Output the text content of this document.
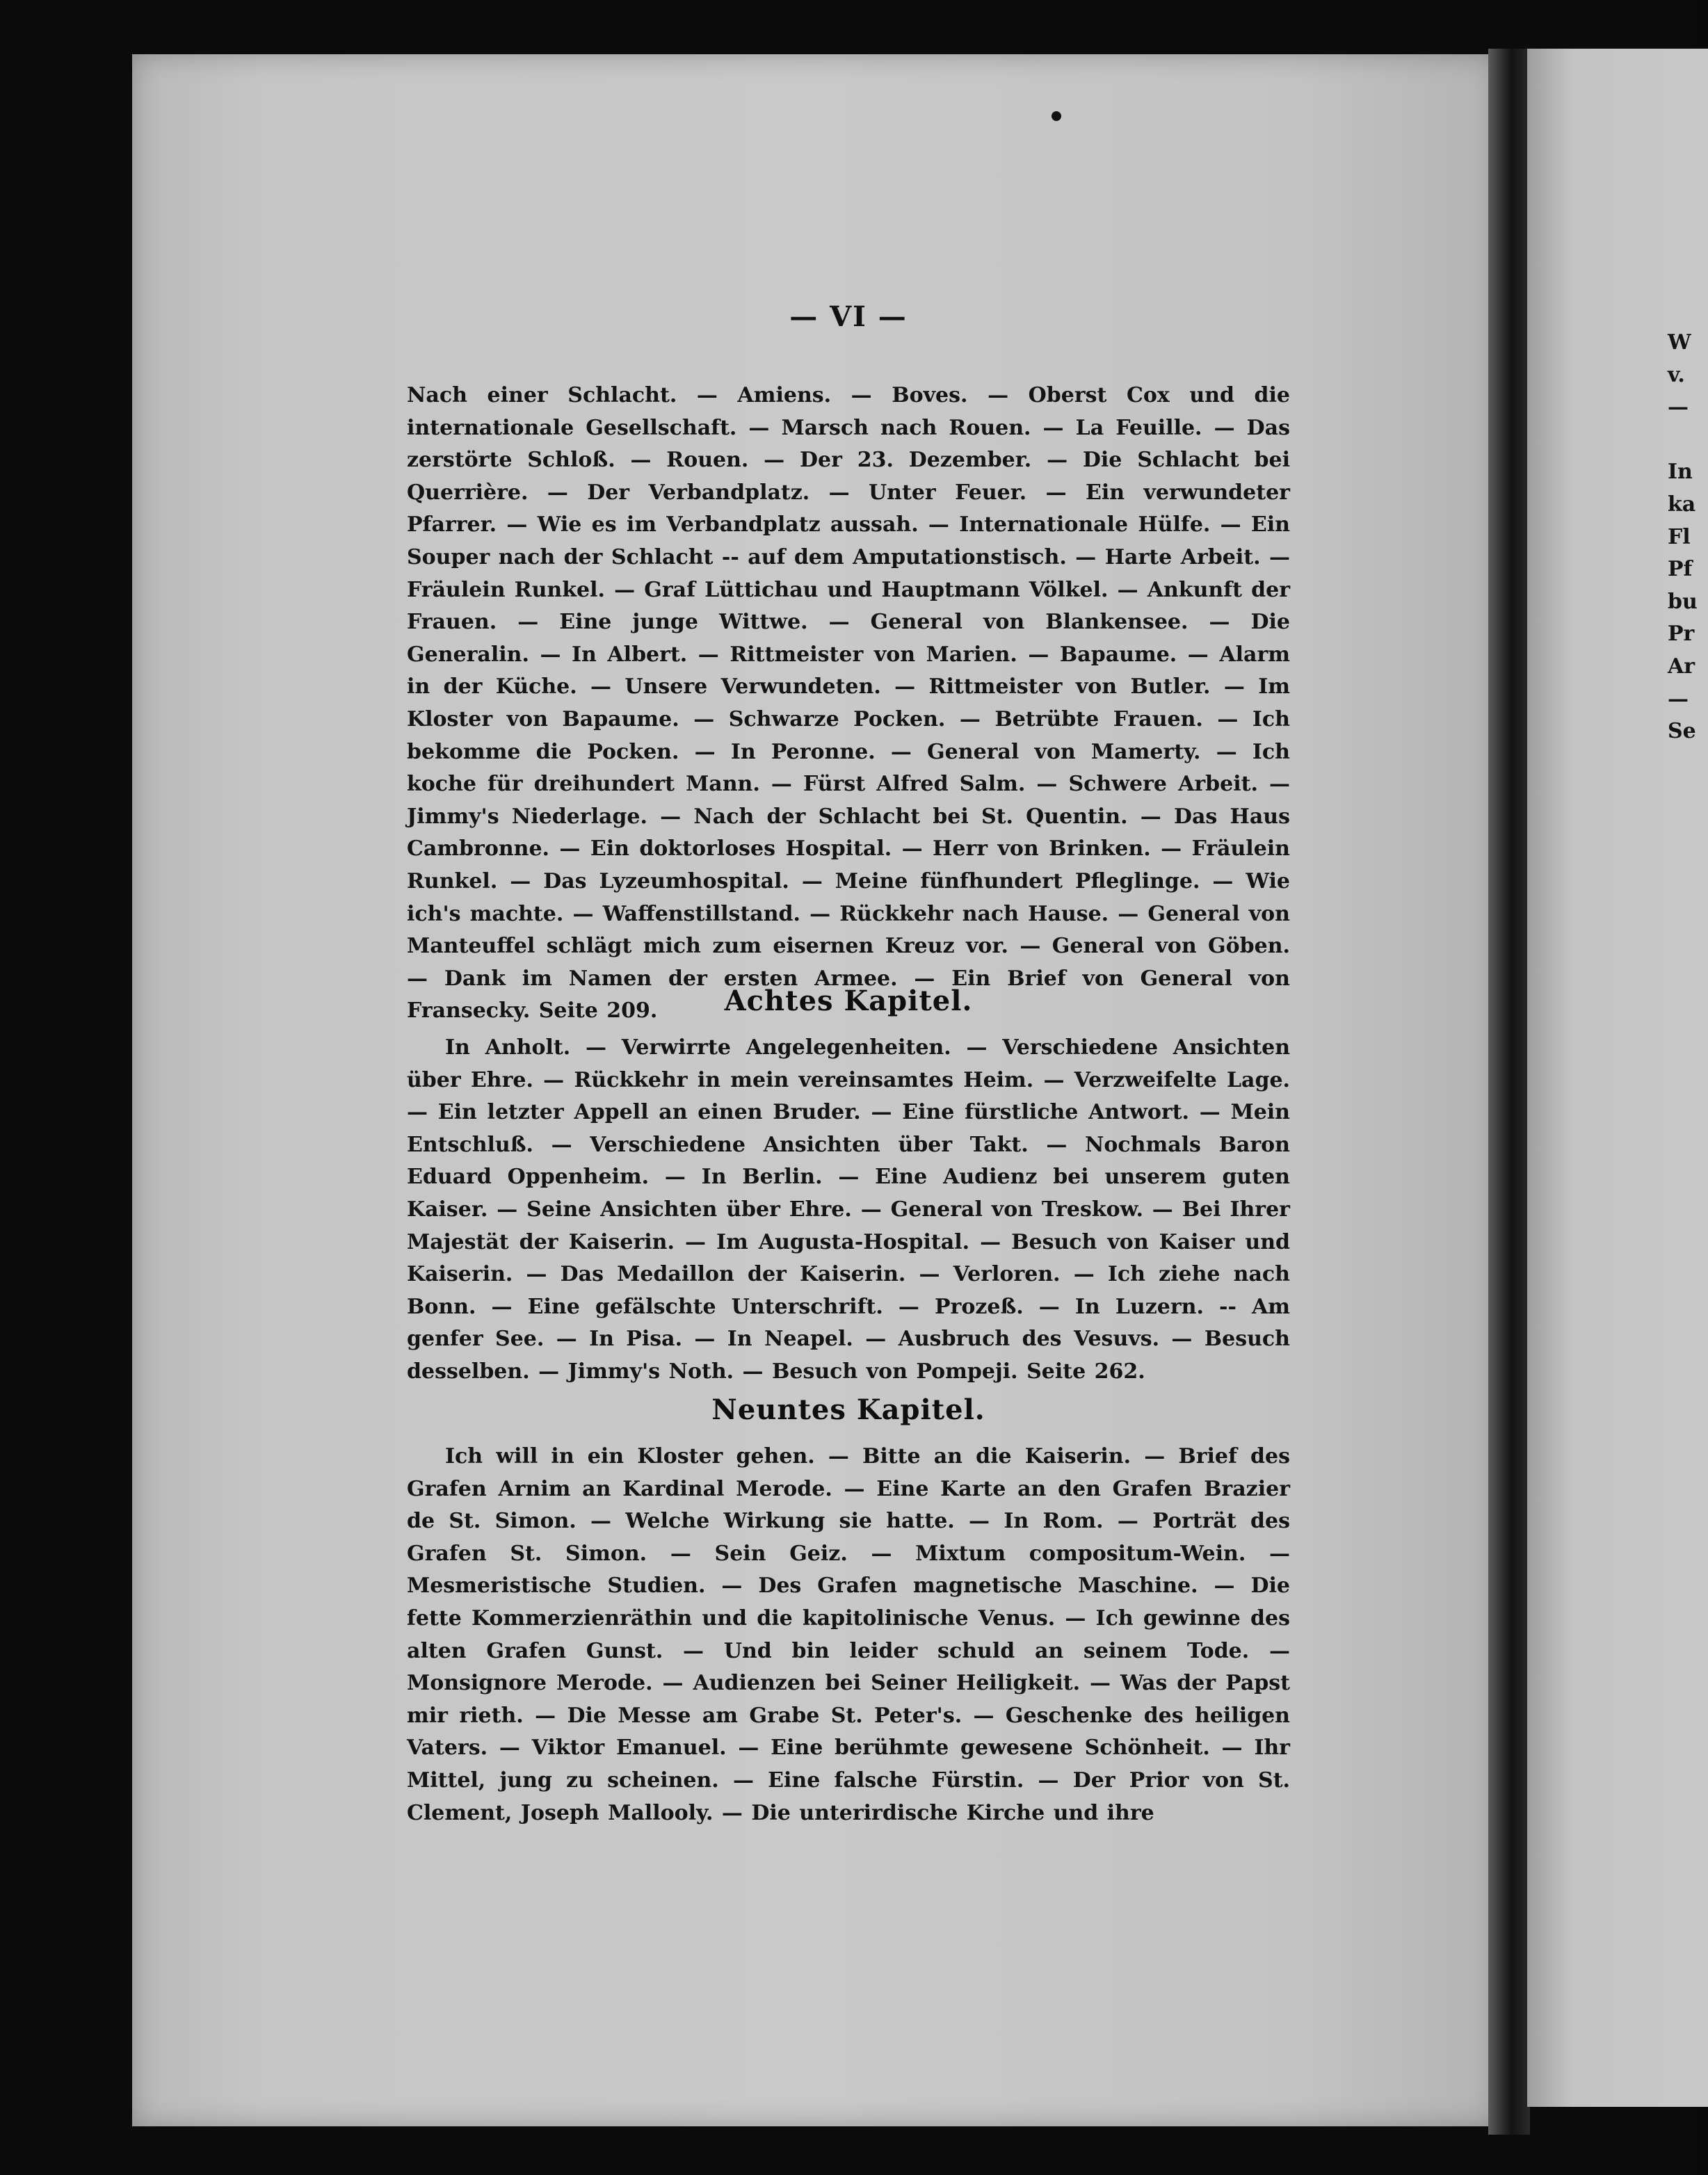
— VI —
Nach einer Schlacht. — Amiens. — Boves. — Oberst Cox und die internationale Gesellschaft. — Marsch nach Rouen. — La Feuille. — Das zerstörte Schloß. — Rouen. — Der 23. Dezember. — Die Schlacht bei Querrière. — Der Verbandplatz. — Unter Feuer. — Ein verwundeter Pfarrer. — Wie es im Verbandplatz aussah. — Internationale Hülfe. — Ein Souper nach der Schlacht -- auf dem Amputationstisch. — Harte Arbeit. — Fräulein Runkel. — Graf Lüttichau und Hauptmann Völkel. — Ankunft der Frauen. — Eine junge Wittwe. — General von Blankensee. — Die Generalin. — In Albert. — Rittmeister von Marien. — Bapaume. — Alarm in der Küche. — Unsere Verwundeten. — Rittmeister von Butler. — Im Kloster von Bapaume. — Schwarze Pocken. — Betrübte Frauen. — Ich bekomme die Pocken. — In Peronne. — General von Mamerty. — Ich koche für dreihundert Mann. — Fürst Alfred Salm. — Schwere Arbeit. — Jimmy's Niederlage. — Nach der Schlacht bei St. Quentin. — Das Haus Cambronne. — Ein doktorloses Hospital. — Herr von Brinken. — Fräulein Runkel. — Das Lyzeumhospital. — Meine fünfhundert Pfleglinge. — Wie ich's machte. — Waffenstillstand. — Rückkehr nach Hause. — General von Manteuffel schlägt mich zum eisernen Kreuz vor. — General von Göben. — Dank im Namen der ersten Armee. — Ein Brief von General von Fransecky. Seite 209.	Achtes Kapitel.
In Anholt. — Verwirrte Angelegenheiten. — Verschiedene Ansichten über Ehre. — Rückkehr in mein vereinsamtes Heim. — Verzweifelte Lage. — Ein letzter Appell an einen Bruder. — Eine fürstliche Antwort. — Mein Entschluß. — Verschiedene Ansichten über Takt. — Nochmals Baron Eduard Oppenheim. — In Berlin. — Eine Audienz bei unserem guten Kaiser. — Seine Ansichten über Ehre. — General von Treskow. — Bei Ihrer Majestät der Kaiserin. — Im Augusta-Hospital. — Besuch von Kaiser und Kaiserin. — Das Medaillon der Kaiserin. — Verloren. — Ich ziehe nach Bonn. — Eine gefälschte Unterschrift. — Prozeß. — In Luzern. -- Am genfer See. — In Pisa. — In Neapel. — Ausbruch des Vesuvs. — Besuch desselben. — Jimmy's Noth. — Besuch von Pompeji. Seite 262.
Neuntes Kapitel.
Ich will in ein Kloster gehen. — Bitte an die Kaiserin. — Brief des Grafen Arnim an Kardinal Merode. — Eine Karte an den Grafen Brazier de St. Simon. — Welche Wirkung sie hatte. — In Rom. — Porträt des Grafen St. Simon. — Sein Geiz. — Mixtum compositum-Wein. — Mesmeristische Studien. — Des Grafen magnetische Maschine. — Die fette Kommerzienräthin und die kapitolinische Venus. — Ich gewinne des alten Grafen Gunst. — Und bin leider schuld an seinem Tode. — Monsignore Merode. — Audienzen bei Seiner Heiligkeit. — Was der Papst mir rieth. — Die Messe am Grabe St. Peter's. — Geschenke des heiligen Vaters. — Viktor Emanuel. — Eine berühmte gewesene Schönheit. — Ihr Mittel, jung zu scheinen. — Eine falsche Fürstin. — Der Prior von St. Clement, Joseph Mallooly. — Die unterirdische Kirche und ihre
W
v.
—

In
ka
Fl
Pf
bu
Pr
Ar
—
Se
